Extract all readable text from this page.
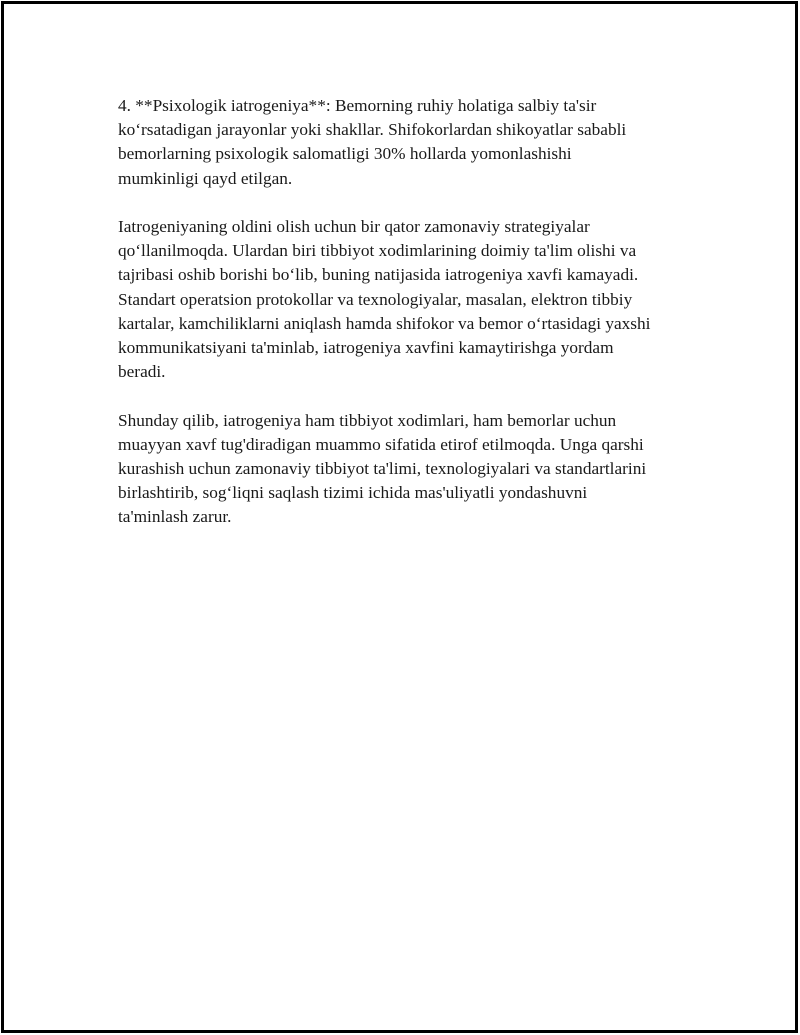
4. **Psixologik iatrogeniya**: Bemorning ruhiy holatiga salbiy ta'sir
ko‘rsatadigan jarayonlar yoki shakllar. Shifokorlardan shikoyatlar sababli
bemorlarning psixologik salomatligi 30% hollarda yomonlashishi
mumkinligi qayd etilgan.

Iatrogeniyaning oldini olish uchun bir qator zamonaviy strategiyalar
qo‘llanilmoqda. Ulardan biri tibbiyot xodimlarining doimiy ta'lim olishi va
tajribasi oshib borishi bo‘lib, buning natijasida iatrogeniya xavfi kamayadi.
Standart operatsion protokollar va texnologiyalar, masalan, elektron tibbiy
kartalar, kamchiliklarni aniqlash hamda shifokor va bemor o‘rtasidagi yaxshi
kommunikatsiyani ta'minlab, iatrogeniya xavfini kamaytirishga yordam
beradi.

Shunday qilib, iatrogeniya ham tibbiyot xodimlari, ham bemorlar uchun
muayyan xavf tug'diradigan muammo sifatida etirof etilmoqda. Unga qarshi
kurashish uchun zamonaviy tibbiyot ta'limi, texnologiyalari va standartlarini
birlashtirib, sog‘liqni saqlash tizimi ichida mas'uliyatli yondashuvni
ta'minlash zarur.
